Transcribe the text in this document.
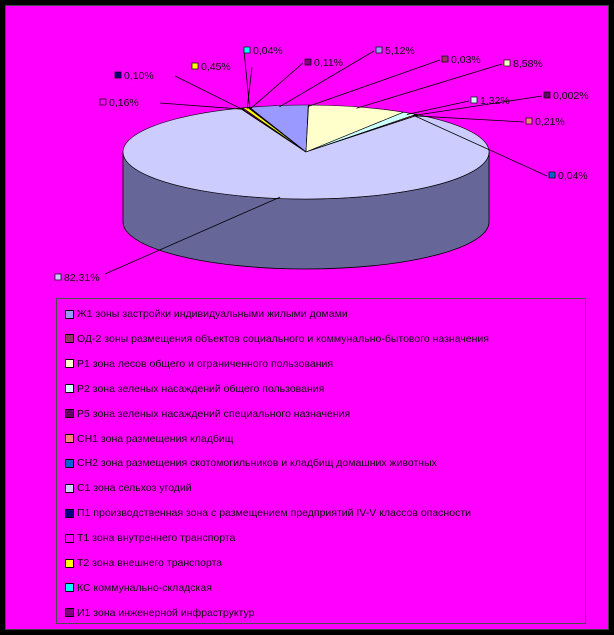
5,12%
0,03%	8,58%
1,32%	0,002%
0,21%
0,04%
82,31%
0,10%
0,16%
0,45%
0,04%
0,11%
Ж1 зоны застройки индивидуальными жилыми домами
ОД-2 зоны размещения объектов социального и коммунально-бытового назначения
Р1 зона лесов общего и ограниченного пользования
Р2 зона зеленых насаждений общего пользования
Р5 зона зеленых насаждений специального назначения
СН1 зона размещения кладбищ
СН2 зона размещения скотомогильников и кладбищ домашних животных
С1 зона сельхоз угодий
П1 производственная зона с размещением предприятий IV-V классов опасности
Т1 зона внутреннего транспорта
Т2 зона внешнего транспорта
КС коммунально-складская
И1 зона инженерной инфраструктур
